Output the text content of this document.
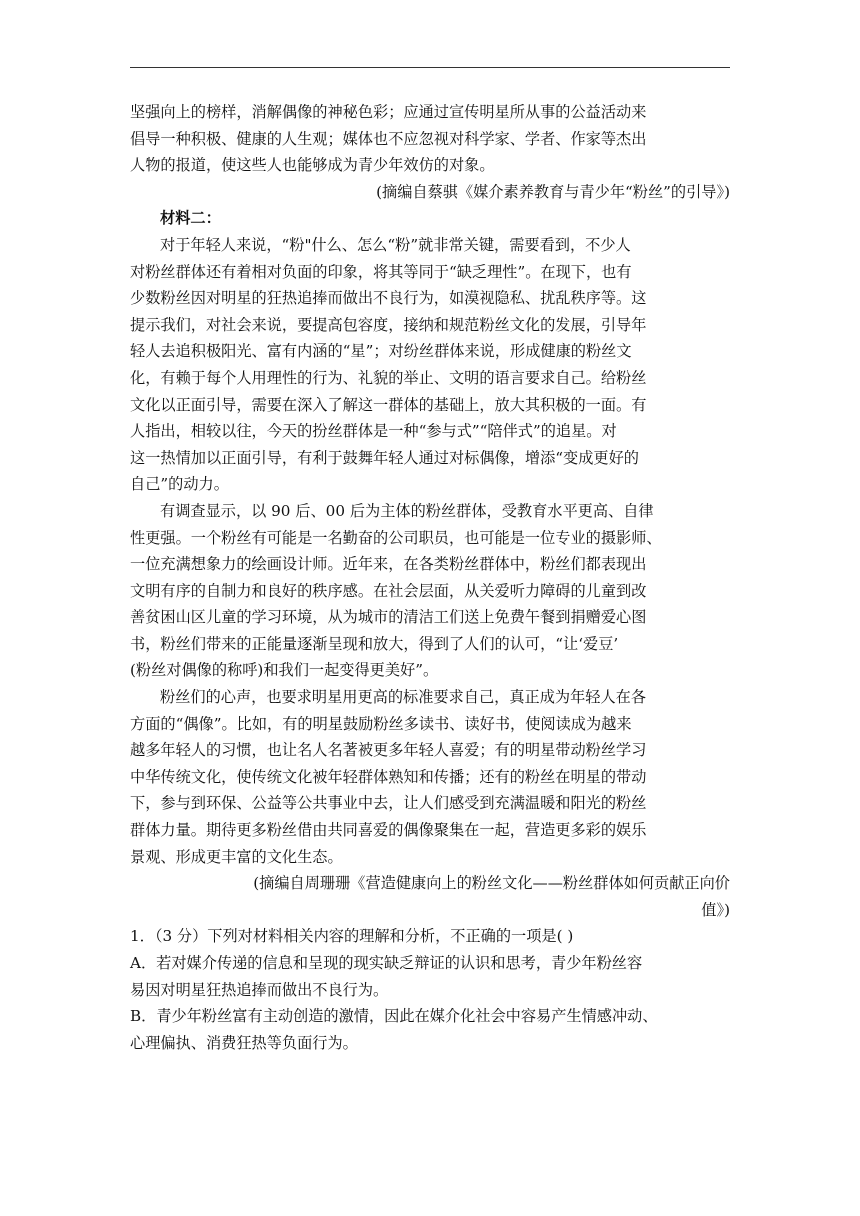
坚强向上的榜样，消解偶像的神秘色彩；应通过宣传明星所从事的公益活动来
倡导一种积极、健康的人生观；媒体也不应忽视对科学家、学者、作家等杰出
人物的报道，使这些人也能够成为青少年效仿的对象。
(摘编自蔡骐《媒介素养教育与青少年“粉丝”的引导》)
材料二：
对于年轻人来说，“粉"什么、怎么“粉”就非常关键，需要看到，不少人
对粉丝群体还有着相对负面的印象，将其等同于“缺乏理性”。在现下，也有
少数粉丝因对明星的狂热追捧而做出不良行为，如漠视隐私、扰乱秩序等。这
提示我们，对社会来说，要提高包容度，接纳和规范粉丝文化的发展，引导年
轻人去追积极阳光、富有内涵的“星”；对纷丝群体来说，形成健康的粉丝文
化，有赖于每个人用理性的行为、礼貌的举止、文明的语言要求自己。给粉丝
文化以正面引导，需要在深入了解这一群体的基础上，放大其积极的一面。有
人指出，相较以往，今天的扮丝群体是一种“参与式”“陪伴式”的追星。对
这一热情加以正面引导，有利于鼓舞年轻人通过对标偶像，增添“变成更好的
自己”的动力。
有调查显示，以 90 后、00 后为主体的粉丝群体，受教育水平更高、自律
性更强。一个粉丝有可能是一名勤奋的公司职员，也可能是一位专业的摄影师、
一位充满想象力的绘画设计师。近年来，在各类粉丝群体中，粉丝们都表现出
文明有序的自制力和良好的秩序感。在社会层面，从关爱听力障碍的儿童到改
善贫困山区儿童的学习环境，从为城市的清洁工们送上免费午餐到捐赠爱心图
书，粉丝们带来的正能量逐渐呈现和放大，得到了人们的认可，“让‘爱豆’
(粉丝对偶像的称呼)和我们一起变得更美好”。
粉丝们的心声，也要求明星用更高的标准要求自己，真正成为年轻人在各
方面的“偶像”。比如，有的明星鼓励粉丝多读书、读好书，使阅读成为越来
越多年轻人的习惯，也让名人名著被更多年轻人喜爱；有的明星带动粉丝学习
中华传统文化，使传统文化被年轻群体熟知和传播；还有的粉丝在明星的带动
下，参与到环保、公益等公共事业中去，让人们感受到充满温暖和阳光的粉丝
群体力量。期待更多粉丝借由共同喜爱的偶像聚集在一起，营造更多彩的娱乐
景观、形成更丰富的文化生态。
(摘编自周珊珊《营造健康向上的粉丝文化——粉丝群体如何贡献正向价
值》)
1．（3 分）下列对材料相关内容的理解和分析，不正确的一项是( )
A．若对媒介传递的信息和呈现的现实缺乏辩证的认识和思考，青少年粉丝容
易因对明星狂热追捧而做出不良行为。
B．青少年粉丝富有主动创造的激情，因此在媒介化社会中容易产生情感冲动、
心理偏执、消费狂热等负面行为。
